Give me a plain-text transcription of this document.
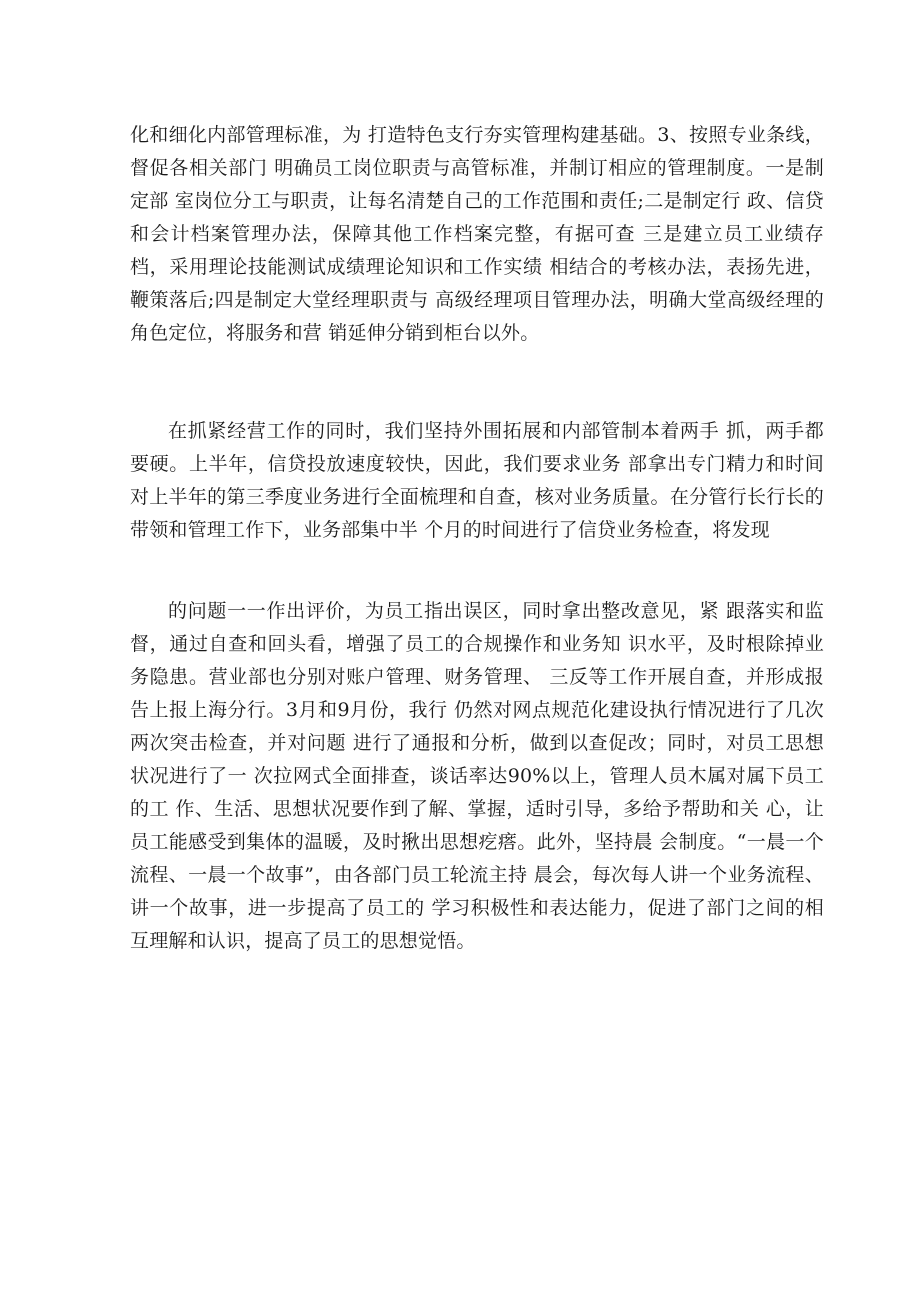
化和细化内部管理标准，为 打造特色支行夯实管理构建基础。3、按照专业条线，督促各相关部门 明确员工岗位职责与高管标准，并制订相应的管理制度。一是制定部 室岗位分工与职责，让每名清楚自己的工作范围和责任;二是制定行 政、信贷和会计档案管理办法，保障其他工作档案完整，有据可查 三是建立员工业绩存档，采用理论技能测试成绩理论知识和工作实绩 相结合的考核办法，表扬先进，鞭策落后;四是制定大堂经理职责与 高级经理项目管理办法，明确大堂高级经理的角色定位，将服务和营 销延伸分销到柜台以外。
在抓紧经营工作的同时，我们坚持外围拓展和内部管制本着两手 抓，两手都要硬。上半年，信贷投放速度较快，因此，我们要求业务 部拿出专门精力和时间对上半年的第三季度业务进行全面梳理和自查，核对业务质量。在分管行长行长的带领和管理工作下，业务部集中半 个月的时间进行了信贷业务检查，将发现
的问题一一作出评价，为员工指出误区，同时拿出整改意见，紧 跟落实和监督，通过自查和回头看，增强了员工的合规操作和业务知 识水平，及时根除掉业务隐患。营业部也分别对账户管理、财务管理、 三反等工作开展自查，并形成报告上报上海分行。3月和9月份，我行 仍然对网点规范化建设执行情况进行了几次两次突击检查，并对问题 进行了通报和分析，做到以查促改；同时，对员工思想状况进行了一 次拉网式全面排查，谈话率达90%以上，管理人员木属对属下员工的工 作、生活、思想状况要作到了解、掌握，适时引导，多给予帮助和关 心，让员工能感受到集体的温暖，及时揪出思想疙瘩。此外，坚持晨 会制度。“一晨一个流程、一晨一个故事”，由各部门员工轮流主持 晨会，每次每人讲一个业务流程、讲一个故事，进一步提高了员工的 学习积极性和表达能力，促进了部门之间的相互理解和认识，提高了员工的思想觉悟。
